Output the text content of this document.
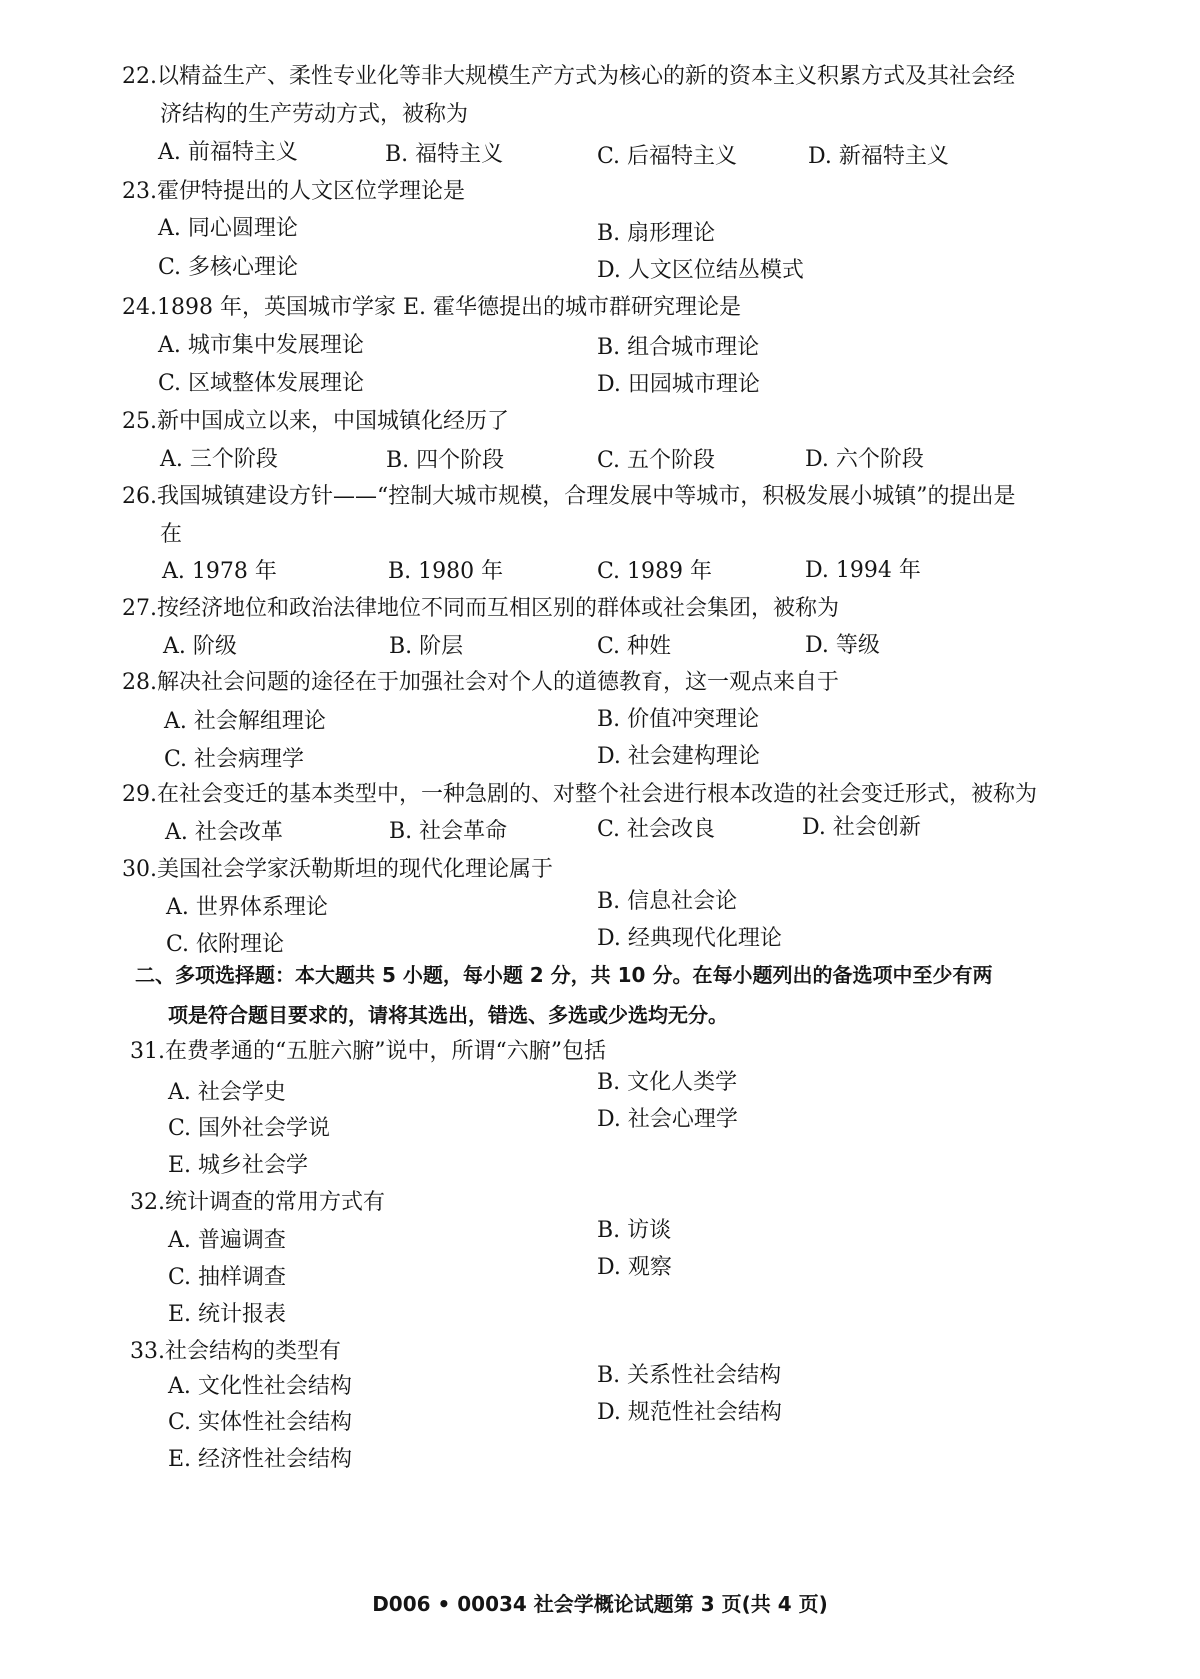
22.以精益生产、柔性专业化等非大规模生产方式为核心的新的资本主义积累方式及其社会经
济结构的生产劳动方式，被称为
A. 前福特主义	B. 福特主义	C. 后福特主义	D. 新福特主义
23.霍伊特提出的人文区位学理论是
A. 同心圆理论	B. 扇形理论
C. 多核心理论	D. 人文区位结丛模式
24.1898 年，英国城市学家 E. 霍华德提出的城市群研究理论是
A. 城市集中发展理论	B. 组合城市理论
C. 区域整体发展理论	D. 田园城市理论
25.新中国成立以来，中国城镇化经历了
A. 三个阶段	B. 四个阶段	C. 五个阶段	D. 六个阶段
26.我国城镇建设方针——“控制大城市规模，合理发展中等城市，积极发展小城镇”的提出是
在
A. 1978 年	B. 1980 年	C. 1989 年	D. 1994 年
27.按经济地位和政治法律地位不同而互相区别的群体或社会集团，被称为
A. 阶级	B. 阶层	C. 种姓	D. 等级
28.解决社会问题的途径在于加强社会对个人的道德教育，这一观点来自于
A. 社会解组理论	B. 价值冲突理论
C. 社会病理学	D. 社会建构理论
29.在社会变迁的基本类型中，一种急剧的、对整个社会进行根本改造的社会变迁形式，被称为
A. 社会改革	B. 社会革命	C. 社会改良	D. 社会创新
30.美国社会学家沃勒斯坦的现代化理论属于
A. 世界体系理论	B. 信息社会论
C. 依附理论	D. 经典现代化理论
二、多项选择题：本大题共 5 小题，每小题 2 分，共 10 分。在每小题列出的备选项中至少有两
项是符合题目要求的，请将其选出，错选、多选或少选均无分。
31.在费孝通的“五脏六腑”说中，所谓“六腑”包括
A. 社会学史	B. 文化人类学
C. 国外社会学说	D. 社会心理学
E. 城乡社会学
32.统计调查的常用方式有
A. 普遍调查	B. 访谈
C. 抽样调查	D. 观察
E. 统计报表
33.社会结构的类型有
A. 文化性社会结构	B. 关系性社会结构
C. 实体性社会结构	D. 规范性社会结构
E. 经济性社会结构
D006 • 00034 社会学概论试题第 3 页(共 4 页)
